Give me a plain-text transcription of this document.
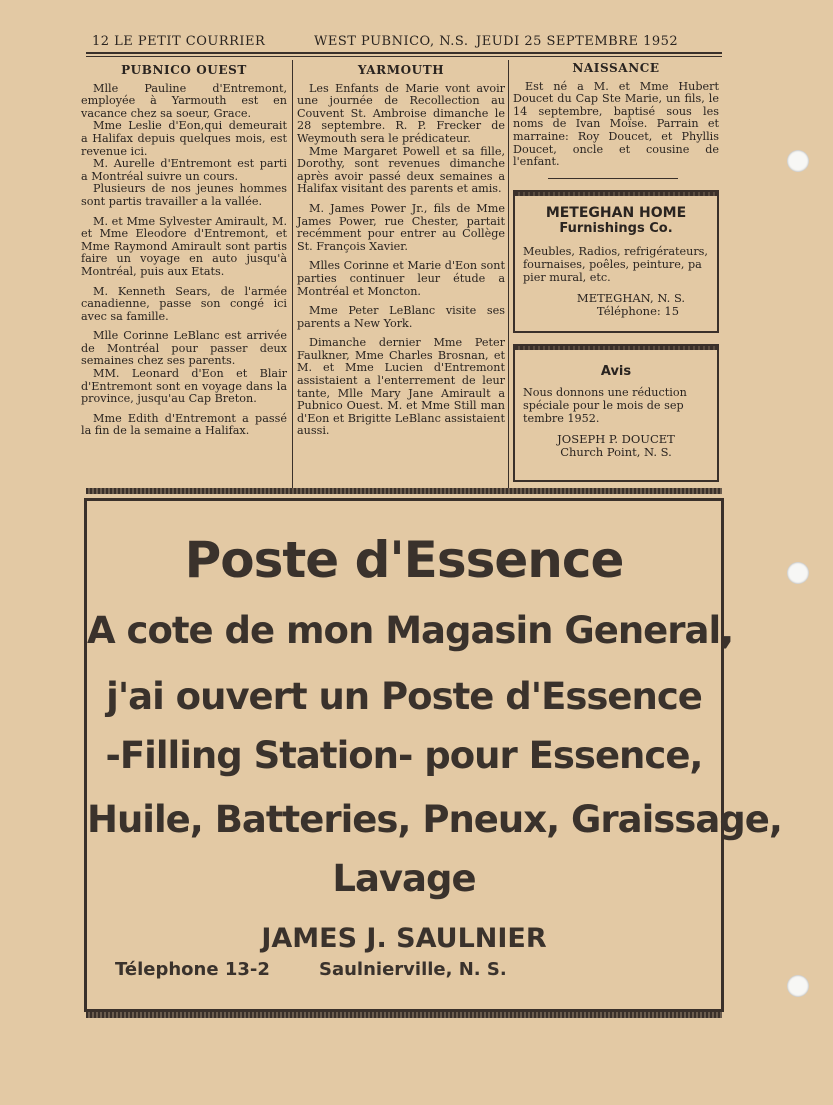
12 LE PETIT COURRIER	WEST PUBNICO, N.S. JEUDI 25 SEPTEMBRE 1952
PUBNICO OUEST

Mlle Pauline d'Entremont, employée à Yarmouth est en vacance chez sa soeur, Grace.

Mme Leslie d'Eon,qui demeurait a Halifax depuis quelques mois, est revenue ici.

M. Aurelle d'Entremont est parti a Montréal suivre un cours.

Plusieurs de nos jeunes hommes sont partis travailler a la vallée.

M. et Mme Sylvester Amirault, M. et Mme Eleodore d'Entremont, et Mme Raymond Amirault sont partis faire un voyage en auto jusqu'à Montréal, puis aux Etats.

M. Kenneth Sears, de l'armée canadienne, passe son congé ici avec sa famille.

Mlle Corinne LeBlanc est arrivée de Montréal pour passer deux semaines chez ses parents.

MM. Leonard d'Eon et Blair d'Entremont sont en voyage dans la province, jusqu'au Cap Breton.

Mme Edith d'Entremont a passé la fin de la semaine a Halifax.

YARMOUTH

Les Enfants de Marie vont avoir une journée de Recollection au Couvent St. Ambroise dimanche le 28 septembre. R. P. Frecker de Weymouth sera le prédicateur.

Mme Margaret Powell et sa fille, Dorothy, sont revenues dimanche après avoir passé deux semaines a Halifax visitant des parents et amis.

M. James Power Jr., fils de Mme James Power, rue Chester, partait recémment pour entrer au Collège St. François Xavier.

Mlles Corinne et Marie d'Eon sont parties continuer leur étude a Montréal et Moncton.

Mme Peter LeBlanc visite ses parents a New York.

Dimanche dernier Mme Peter Faulkner, Mme Charles Brosnan, et M. et Mme Lucien d'Entremont assistaient a l'enterrement de leur tante, Mlle Mary Jane Amirault a Pubnico Ouest. M. et Mme Still man d'Eon et Brigitte LeBlanc assistaient aussi.

NAISSANCE

Est né a M. et Mme Hubert Doucet du Cap Ste Marie, un fils, le 14 septembre, baptisé sous les noms de Ivan Moïse. Parrain et marraine: Roy Doucet, et Phyllis Doucet, oncle et cousine de l'enfant.

METEGHAN HOME
Furnishings Co.
Meubles, Radios, refrigérateurs, fournaises, poêles, peinture, pa pier mural, etc.
METEGHAN, N. S.
Téléphone: 15
Avis
Nous donnons une réduction spéciale pour le mois de sep tembre 1952.
JOSEPH P. DOUCET
Church Point, N. S.
Poste d'Essence
A cote de mon Magasin General,
j'ai ouvert un Poste d'Essence
-Filling Station- pour Essence,
Huile, Batteries, Pneux, Graissage,
Lavage
JAMES J. SAULNIER
Télephone 13-2	Saulnierville, N. S.
